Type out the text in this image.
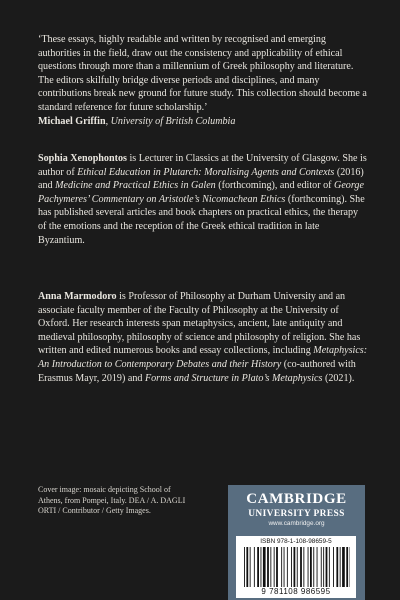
‘These essays, highly readable and written by recognised and emerging authorities in the field, draw out the consistency and applicability of ethical questions through more than a millennium of Greek philosophy and literature. The editors skilfully bridge diverse periods and disciplines, and many contributions break new ground for future study. This collection should become a standard reference for future scholarship.’
Michael Griffin, University of British Columbia
Sophia Xenophontos is Lecturer in Classics at the University of Glasgow. She is author of Ethical Education in Plutarch: Moralising Agents and Contexts (2016) and Medicine and Practical Ethics in Galen (forthcoming), and editor of George Pachymeres’ Commentary on Aristotle’s Nicomachean Ethics (forthcoming). She has published several articles and book chapters on practical ethics, the therapy of the emotions and the reception of the Greek ethical tradition in late Byzantium.
Anna Marmodoro is Professor of Philosophy at Durham University and an associate faculty member of the Faculty of Philosophy at the University of Oxford. Her research interests span metaphysics, ancient, late antiquity and medieval philosophy, philosophy of science and philosophy of religion. She has written and edited numerous books and essay collections, including Metaphysics: An Introduction to Contemporary Debates and their History (co-authored with Erasmus Mayr, 2019) and Forms and Structure in Plato’s Metaphysics (2021).
Cover image: mosaic depicting School of Athens, from Pompei, Italy. DEA / A. DAGLI ORTI / Contributor / Getty Images.
CAMBRIDGE
UNIVERSITY PRESS
www.cambridge.org
ISBN 978-1-108-98659-5
9 781108 986595
